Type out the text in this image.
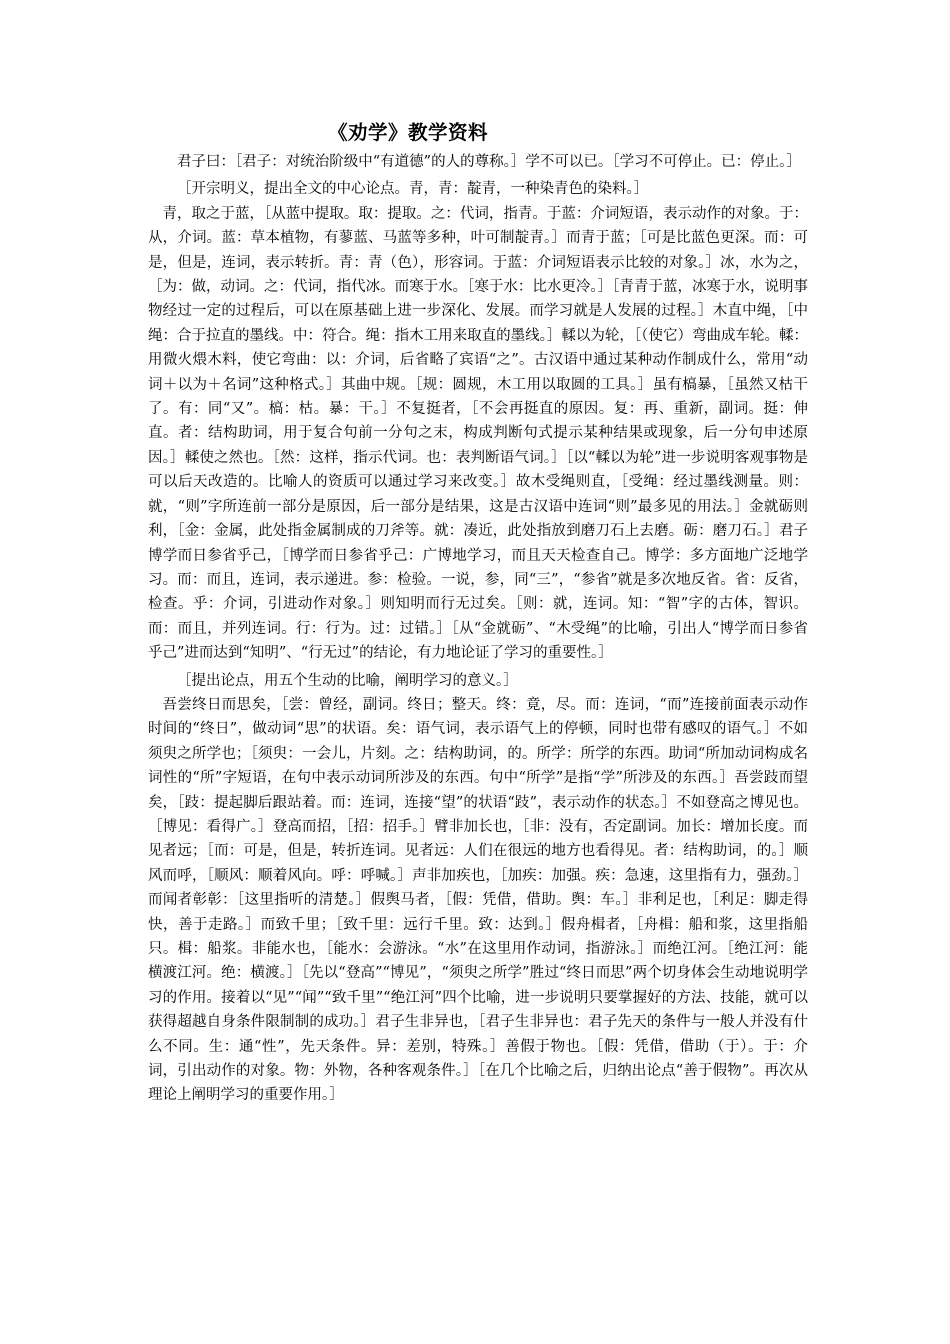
《劝学》教学资料

君子曰：［君子：对统治阶级中“有道德”的人的尊称。］学不可以已。［学习不可停止。已：停止。］

［开宗明义，提出全文的中心论点。青，青：靛青，一种染青色的染料。］

青，取之于蓝，［从蓝中提取。取：提取。之：代词，指青。于蓝：介词短语，表示动作的对象。于：从，介词。蓝：草本植物，有蓼蓝、马蓝等多种，叶可制靛青。］而青于蓝；［可是比蓝色更深。而：可是，但是，连词，表示转折。青：青（色），形容词。于蓝：介词短语表示比较的对象。］冰，水为之，［为：做，动词。之：代词，指代冰。而寒于水。［寒于水：比水更冷。］［青青于蓝，冰寒于水，说明事物经过一定的过程后，可以在原基础上进一步深化、发展。而学习就是人发展的过程。］木直中绳，［中绳：合于拉直的墨线。中：符合。绳：指木工用来取直的墨线。］輮以为轮，［（使它）弯曲成车轮。輮：用微火煨木料，使它弯曲：以：介词，后省略了宾语“之”。古汉语中通过某种动作制成什么，常用“动词＋以为＋名词”这种格式。］其曲中规。［规：圆规，木工用以取圆的工具。］虽有槁暴，［虽然又枯干了。有：同“又”。槁：枯。暴：干。］不复挺者，［不会再挺直的原因。复：再、重新，副词。挺：伸直。者：结构助词，用于复合句前一分句之末，构成判断句式提示某种结果或现象，后一分句申述原因。］輮使之然也。［然：这样，指示代词。也：表判断语气词。］［以“輮以为轮”进一步说明客观事物是可以后天改造的。比喻人的资质可以通过学习来改变。］故木受绳则直，［受绳：经过墨线测量。则：就，“则”字所连前一部分是原因，后一部分是结果，这是古汉语中连词“则”最多见的用法。］金就砺则利，［金：金属，此处指金属制成的刀斧等。就：凑近，此处指放到磨刀石上去磨。砺：磨刀石。］君子博学而日参省乎己，［博学而日参省乎己：广博地学习，而且天天检查自己。博学：多方面地广泛地学习。而：而且，连词，表示递进。参：检验。一说，参，同“三”，“参省”就是多次地反省。省：反省，检查。乎：介词，引进动作对象。］则知明而行无过矣。［则：就，连词。知：“智”字的古体，智识。而：而且，并列连词。行：行为。过：过错。］［从“金就砺”、“木受绳”的比喻，引出人“博学而日参省乎己”进而达到“知明”、“行无过”的结论，有力地论证了学习的重要性。］

［提出论点，用五个生动的比喻，阐明学习的意义。］

吾尝终日而思矣，［尝：曾经，副词。终日；整天。终：竟，尽。而：连词，“而”连接前面表示动作时间的“终日”，做动词“思”的状语。矣：语气词，表示语气上的停顿，同时也带有感叹的语气。］不如须臾之所学也；［须臾：一会儿，片刻。之：结构助词，的。所学：所学的东西。助词“所加动词构成名词性的“所”字短语，在句中表示动词所涉及的东西。句中“所学”是指“学”所涉及的东西。］吾尝跂而望矣，［跂：提起脚后跟站着。而：连词，连接“望”的状语“跂”，表示动作的状态。］不如登高之博见也。［博见：看得广。］登高而招，［招：招手。］臂非加长也，［非：没有，否定副词。加长：增加长度。而见者远；［而：可是，但是，转折连词。见者远：人们在很远的地方也看得见。者：结构助词，的。］顺风而呼，［顺风：顺着风向。呼：呼喊。］声非加疾也，［加疾：加强。疾：急速，这里指有力，强劲。］而闻者彰彰：［这里指听的清楚。］假舆马者，［假：凭借，借助。舆：车。］非利足也，［利足：脚走得快，善于走路。］而致千里；［致千里：远行千里。致：达到。］假舟楫者，［舟楫：船和浆，这里指船只。楫：船浆。非能水也，［能水：会游泳。“水”在这里用作动词，指游泳。］而绝江河。［绝江河：能横渡江河。绝：横渡。］［先以“登高”“博见”，“须臾之所学”胜过“终日而思”两个切身体会生动地说明学习的作用。接着以“见”“闻”“致千里”“绝江河”四个比喻，进一步说明只要掌握好的方法、技能，就可以获得超越自身条件限制制的成功。］君子生非异也，［君子生非异也：君子先天的条件与一般人并没有什么不同。生：通“性”，先天条件。异：差别，特殊。］善假于物也。［假：凭借，借助（于）。于：介词，引出动作的对象。物：外物，各种客观条件。］［在几个比喻之后，归纳出论点“善于假物”。再次从理论上阐明学习的重要作用。］
